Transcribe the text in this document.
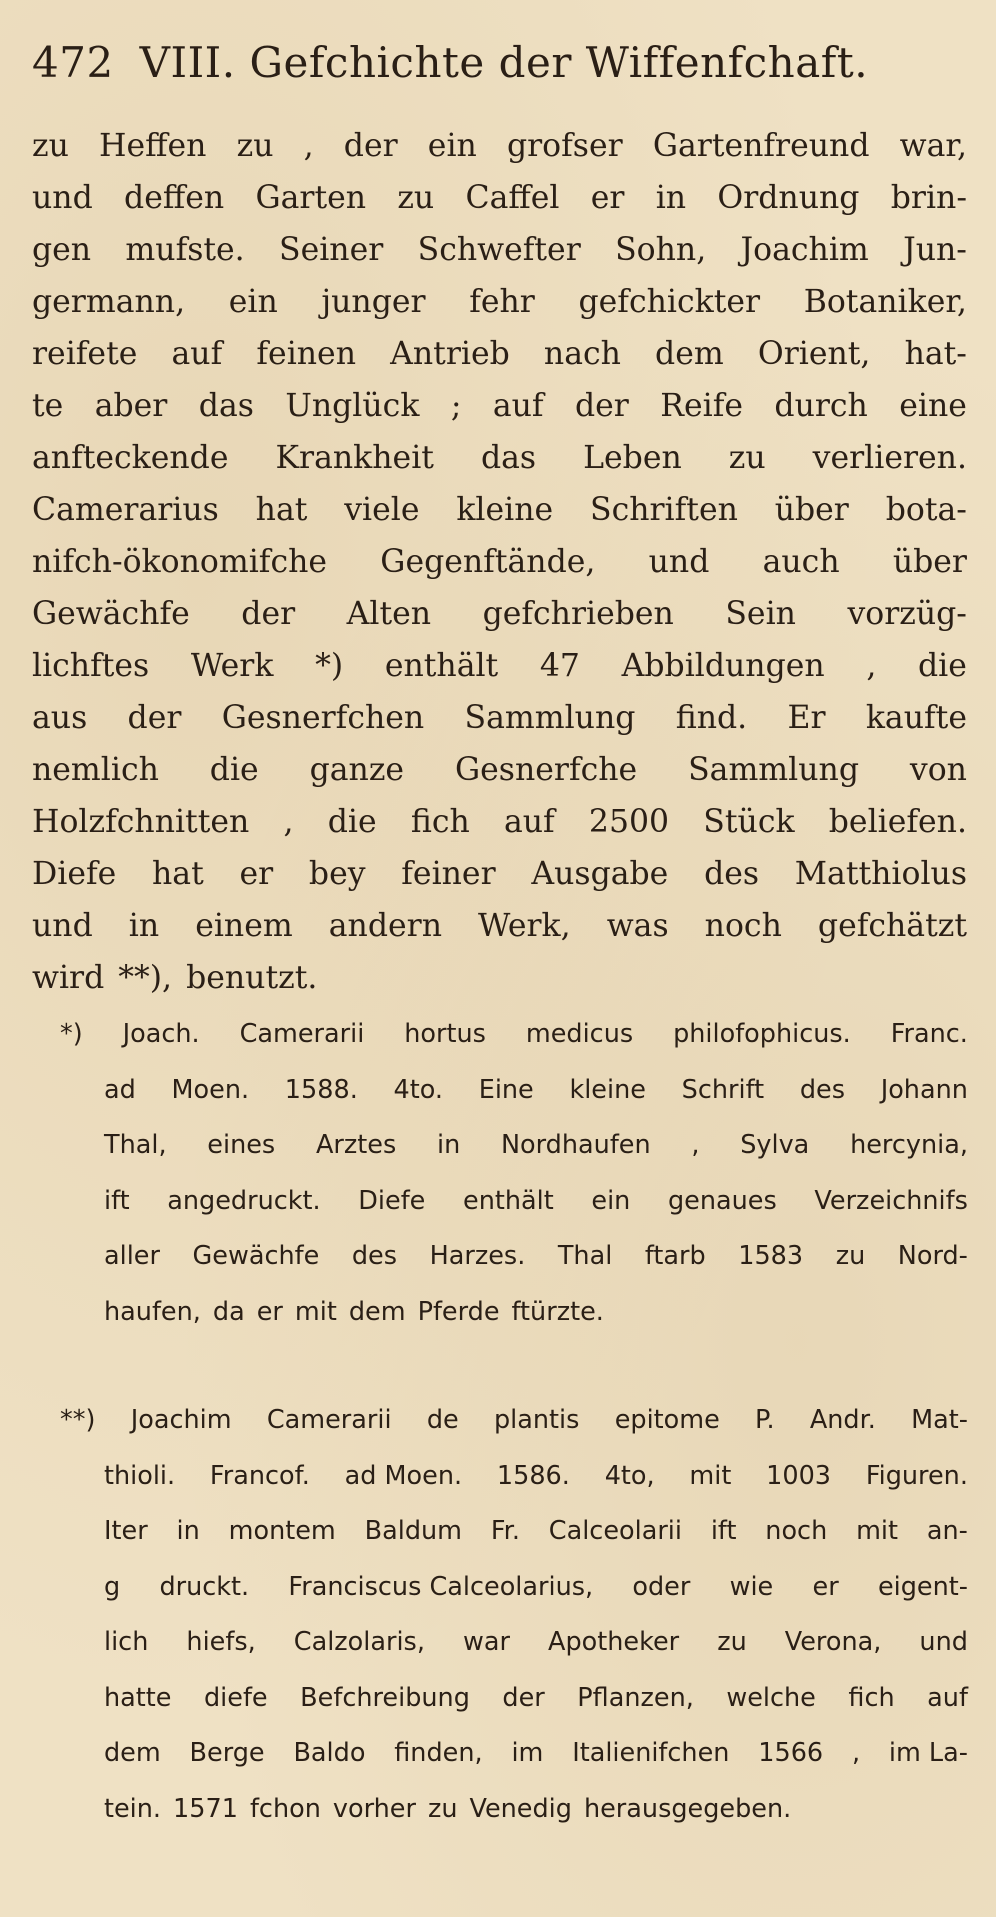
472 VIII. Gefchichte der Wiffenfchaft.
zu Heffen zu , der ein grofser Gartenfreund war,
und deffen Garten zu Caffel er in Ordnung brin-
gen mufste. Seiner Schwefter Sohn, Joachim Jun-
germann, ein junger fehr gefchickter Botaniker,
reifete auf feinen Antrieb nach dem Orient, hat-
te aber das Unglück ; auf der Reife durch eine
anfteckende Krankheit das Leben zu verlieren.
Camerarius hat viele kleine Schriften über bota-
nifch-ökonomifche Gegenftände, und auch über
Gewächfe der Alten gefchrieben Sein vorzüg-
lichftes Werk *) enthält 47 Abbildungen , die
aus der Gesnerfchen Sammlung find. Er kaufte
nemlich die ganze Gesnerfche Sammlung von
Holzfchnitten , die fich auf 2500 Stück beliefen.
Diefe hat er bey feiner Ausgabe des Matthiolus
und in einem andern Werk, was noch gefchätzt
wird **), benutzt.
*) Joach. Camerarii hortus medicus philofophicus. Franc.
ad Moen. 1588. 4to. Eine kleine Schrift des Johann
Thal, eines Arztes in Nordhaufen , Sylva hercynia,
ift angedruckt. Diefe enthält ein genaues Verzeichnifs
aller Gewächfe des Harzes. Thal ftarb 1583 zu Nord-
haufen, da er mit dem Pferde ftürzte.
**) Joachim Camerarii de plantis epitome P. Andr. Mat-
thioli. Francof. ad Moen. 1586. 4to, mit 1003 Figuren.
Iter in montem Baldum Fr. Calceolarii ift noch mit an-
g druckt. Franciscus Calceolarius, oder wie er eigent-
lich hiefs, Calzolaris, war Apotheker zu Verona, und
hatte diefe Befchreibung der Pflanzen, welche fich auf
dem Berge Baldo finden, im Italienifchen 1566 , im La-
tein. 1571 fchon vorher zu Venedig herausgegeben.
